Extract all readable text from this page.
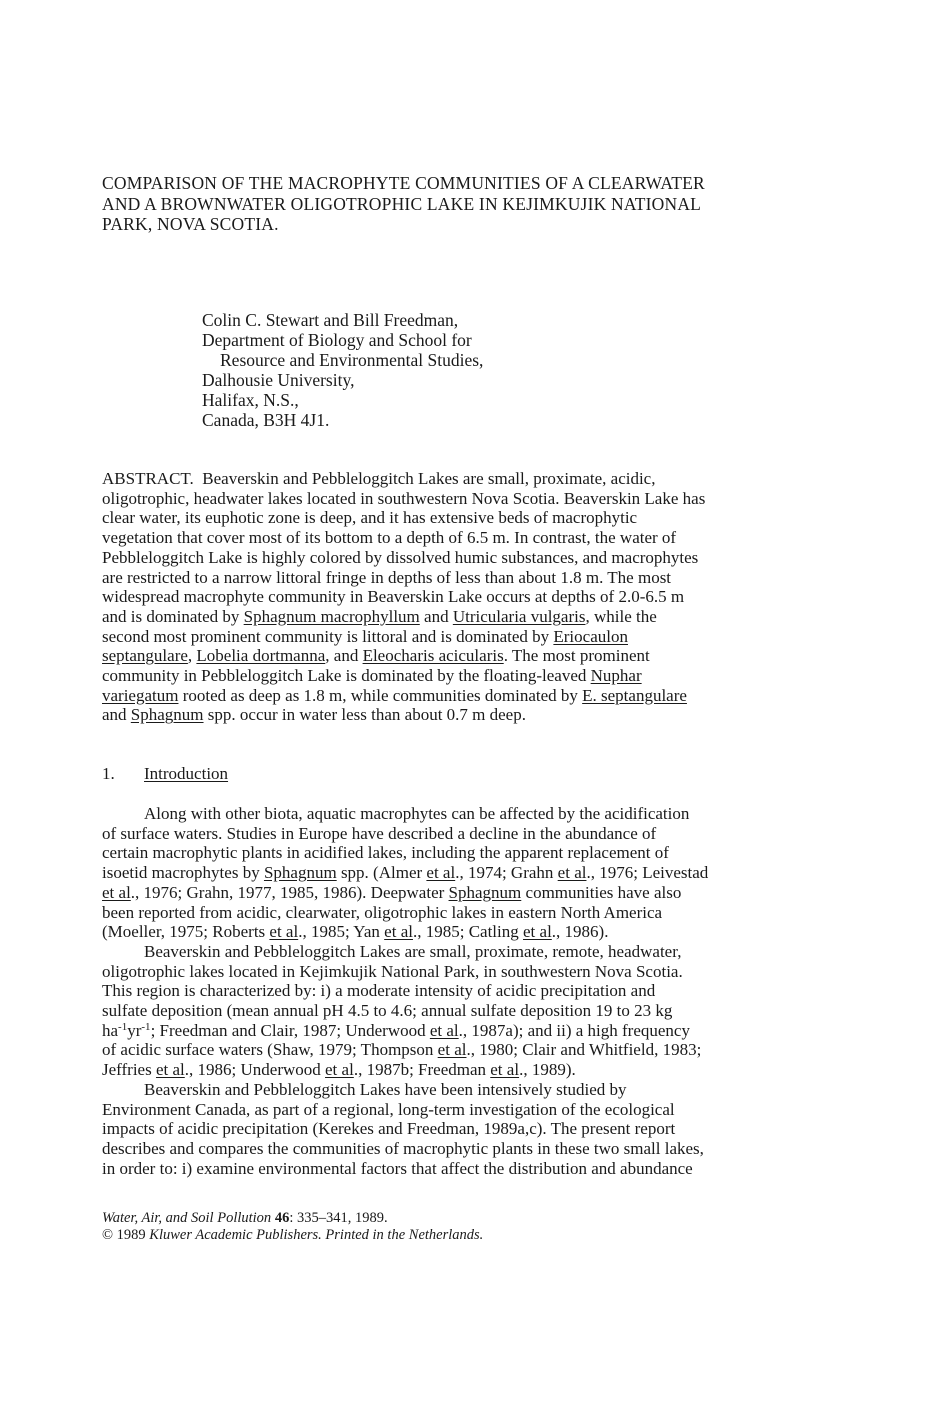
COMPARISON OF THE MACROPHYTE COMMUNITIES OF A CLEARWATER
AND A BROWNWATER OLIGOTROPHIC LAKE IN KEJIMKUJIK NATIONAL
PARK, NOVA SCOTIA.
Colin C. Stewart and Bill Freedman,
Department of Biology and School for
Resource and Environmental Studies,
Dalhousie University,
Halifax, N.S.,
Canada, B3H 4J1.
ABSTRACT. Beaverskin and Pebbleloggitch Lakes are small, proximate, acidic,
oligotrophic, headwater lakes located in southwestern Nova Scotia. Beaverskin Lake has
clear water, its euphotic zone is deep, and it has extensive beds of macrophytic
vegetation that cover most of its bottom to a depth of 6.5 m. In contrast, the water of
Pebbleloggitch Lake is highly colored by dissolved humic substances, and macrophytes
are restricted to a narrow littoral fringe in depths of less than about 1.8 m. The most
widespread macrophyte community in Beaverskin Lake occurs at depths of 2.0-6.5 m
and is dominated by Sphagnum macrophyllum and Utricularia vulgaris, while the
second most prominent community is littoral and is dominated by Eriocaulon
septangulare, Lobelia dortmanna, and Eleocharis acicularis. The most prominent
community in Pebbleloggitch Lake is dominated by the floating-leaved Nuphar
variegatum rooted as deep as 1.8 m, while communities dominated by E. septangulare
and Sphagnum spp. occur in water less than about 0.7 m deep.
1. Introduction
Along with other biota, aquatic macrophytes can be affected by the acidification
of surface waters. Studies in Europe have described a decline in the abundance of
certain macrophytic plants in acidified lakes, including the apparent replacement of
isoetid macrophytes by Sphagnum spp. (Almer et al., 1974; Grahn et al., 1976; Leivestad
et al., 1976; Grahn, 1977, 1985, 1986). Deepwater Sphagnum communities have also
been reported from acidic, clearwater, oligotrophic lakes in eastern North America
(Moeller, 1975; Roberts et al., 1985; Yan et al., 1985; Catling et al., 1986).
Beaverskin and Pebbleloggitch Lakes are small, proximate, remote, headwater,
oligotrophic lakes located in Kejimkujik National Park, in southwestern Nova Scotia.
This region is characterized by: i) a moderate intensity of acidic precipitation and
sulfate deposition (mean annual pH 4.5 to 4.6; annual sulfate deposition 19 to 23 kg
$ha^{-1}yr^{-1}$; Freedman and Clair, 1987; Underwood et al., 1987a); and ii) a high frequency
of acidic surface waters (Shaw, 1979; Thompson et al., 1980; Clair and Whitfield, 1983;
Jeffries et al., 1986; Underwood et al., 1987b; Freedman et al., 1989).
Beaverskin and Pebbleloggitch Lakes have been intensively studied by
Environment Canada, as part of a regional, long-term investigation of the ecological
impacts of acidic precipitation (Kerekes and Freedman, 1989a,c). The present report
describes and compares the communities of macrophytic plants in these two small lakes,
in order to: i) examine environmental factors that affect the distribution and abundance
Water, Air, and Soil Pollution 46: 335–341, 1989.
© 1989 Kluwer Academic Publishers. Printed in the Netherlands.
